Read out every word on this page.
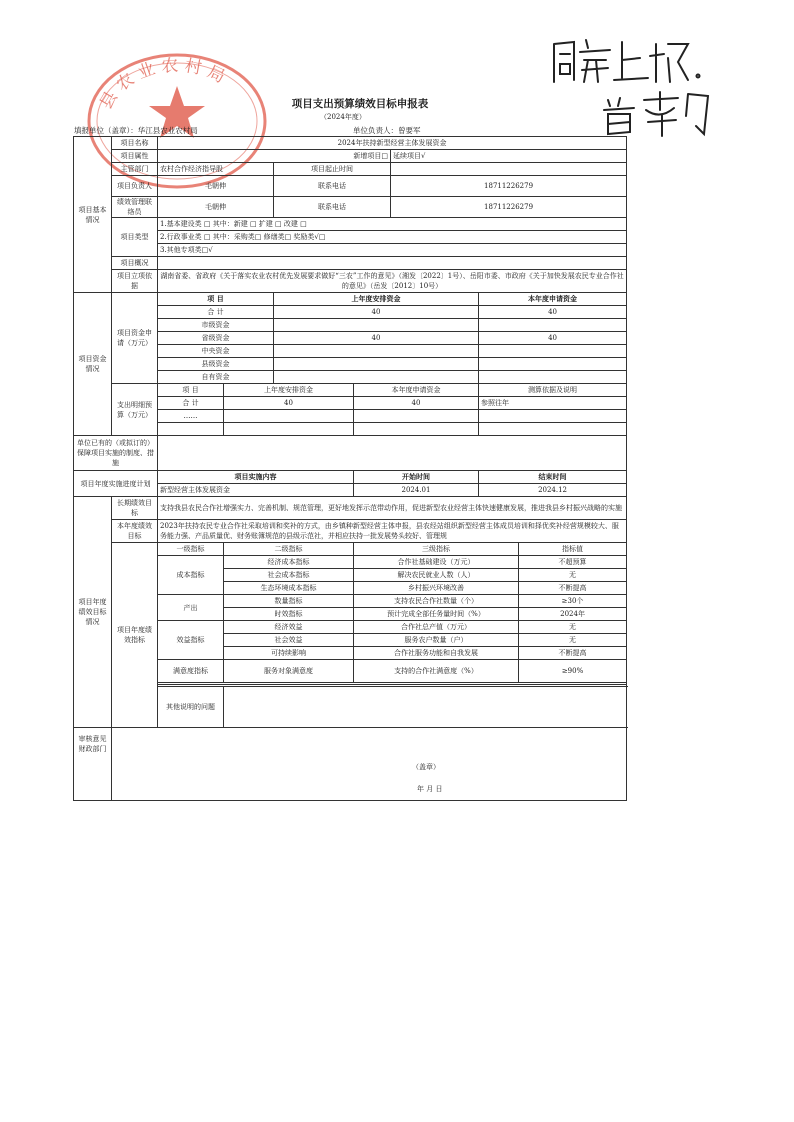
县 农 业 农 村 局
项目支出预算绩效目标申报表
（2024年度）
填报单位（盖章）：华江县农业农村局	单位负责人：曾要军
项目基本情况	项目名称	2024年扶持新型经营主体发展资金						
	项目属性	新增项目□				延续项目√		
	主管部门	农村合作经济指导股		项目起止时间				
	项目负责人	毛朝伸		联系电话		18711226279		
	绩效管理联络员	毛朝伸		联系电话		18711226279		
	项目类型	1.基本建设类 □ 其中：新建 □ 扩建 □ 改建 □						
		2.行政事业类 □ 其中：采购类□ 修缮类□ 奖励类√□						
		3.其他专项类□√						
	项目概况							
	项目立项依据	湖南省委、省政府《关于落实农业农村优先发展要求做好“三农”工作的意见》（湘发〔2022〕1号）、岳阳市委、市政府《关于加快发展农民专业合作社的意见》（岳发〔2012〕10号）						
项目资金情况	项目资金申请（万元）	项 目		上年度安排资金			本年度申请资金	
		合 计		40			40	
		市级资金						
		省级资金		40			40	
		中央资金						
		县级资金						
		自有资金						
	支出明细预算（万元）	项 目	上年度安排资金		本年度申请资金		测算依据及说明	
		合 计	40		40		参照往年	
		……						

单位已有的（或拟订的）保障项目实施的制度、措施								
项目年度实施进度计划		项目实施内容			开始时间		结束时间	
		新型经营主体发展资金			2024.01		2024.12	
项目年度绩效目标情况	长期绩效目标	支持我县农民合作社增强实力、完善机制、规范管理，更好地发挥示范带动作用，促进新型农业经营主体快速健康发展，推进我县乡村振兴战略的实施						
	本年度绩效目标	2023年扶持农民专业合作社采取培训和奖补的方式，由乡镇种新型经营主体申报，县农经站组织新型经营主体成员培训和择优奖补经营规模较大、服务能力强、产品质量优、财务账簿规范的县级示范社，并相应扶持一批发展势头较好、管理规						
	项目年度绩效指标	一级指标	二级指标		三级指标			指标值
		成本指标	经济成本指标		合作社基础建设（万元）			不超预算
			社会成本指标		解决农民就业人数（人）			无
			生态环境成本指标		乡村振兴环境改善			不断提高
		产出	数量指标		支持农民合作社数量（个）			≥30个
			时效指标		预计完成全部任务量时间（%）			2024年
		效益指标	经济效益		合作社总产值（万元）			无
			社会效益		服务农户数量（户）			无
			可持续影响		合作社服务功能和自我发展			不断提高
		满意度指标	服务对象满意度		支持的合作社满意度（%）			≥90%

		其他说明的问题						
审核意见财政部门	（盖章）
年 月 日							
